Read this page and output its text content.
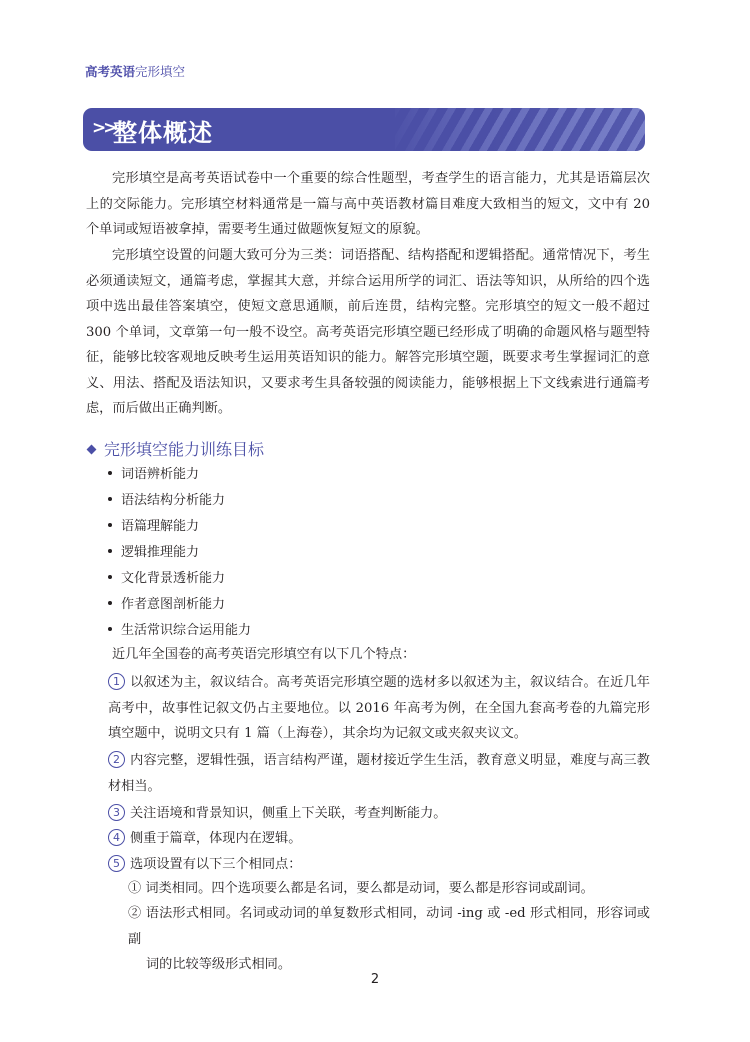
高考英语完形填空
>>
整体概述

完形填空是高考英语试卷中一个重要的综合性题型，考查学生的语言能力，尤其是语篇层次上的交际能力。完形填空材料通常是一篇与高中英语教材篇目难度大致相当的短文，文中有 20 个单词或短语被拿掉，需要考生通过做题恢复短文的原貌。

完形填空设置的问题大致可分为三类：词语搭配、结构搭配和逻辑搭配。通常情况下，考生必须通读短文，通篇考虑，掌握其大意，并综合运用所学的词汇、语法等知识，从所给的四个选项中选出最佳答案填空，使短文意思通顺，前后连贯，结构完整。完形填空的短文一般不超过 300 个单词，文章第一句一般不设空。高考英语完形填空题已经形成了明确的命题风格与题型特征，能够比较客观地反映考生运用英语知识的能力。解答完形填空题，既要求考生掌握词汇的意义、用法、搭配及语法知识，又要求考生具备较强的阅读能力，能够根据上下文线索进行通篇考虑，而后做出正确判断。

完形填空能力训练目标
词语辨析能力
语法结构分析能力
语篇理解能力
逻辑推理能力
文化背景透析能力
作者意图剖析能力
生活常识综合运用能力
近几年全国卷的高考英语完形填空有以下几个特点：

1 以叙述为主，叙议结合。高考英语完形填空题的选材多以叙述为主，叙议结合。在近几年高考中，故事性记叙文仍占主要地位。以 2016 年高考为例，在全国九套高考卷的九篇完形填空题中，说明文只有 1 篇（上海卷），其余均为记叙文或夹叙夹议文。

2 内容完整，逻辑性强，语言结构严谨，题材接近学生生活，教育意义明显，难度与高三教材相当。

3 关注语境和背景知识，侧重上下关联，考查判断能力。

4 侧重于篇章，体现内在逻辑。

5 选项设置有以下三个相同点：

① 词类相同。四个选项要么都是名词，要么都是动词，要么都是形容词或副词。

② 语法形式相同。名词或动词的单复数形式相同，动词 -ing 或 -ed 形式相同，形容词或副
词的比较等级形式相同。

2
